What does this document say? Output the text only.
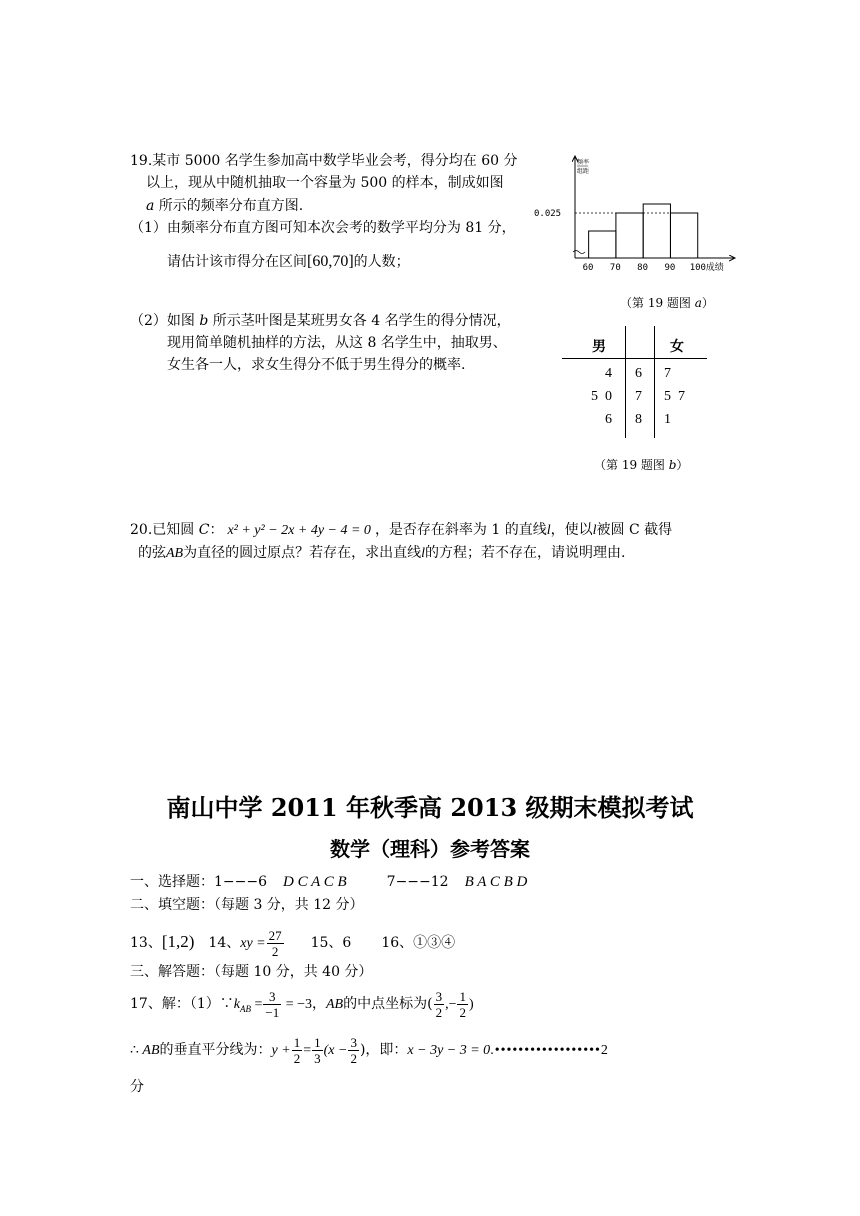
19.某市 5000 名学生参加高中数学毕业会考，得分均在 60 分
以上，现从中随机抽取一个容量为 500 的样本，制成如图
a 所示的频率分布直方图.
（1）由频率分布直方图可知本次会考的数学平均分为 81 分，
请估计该市得分在区间[60,70]的人数；
（2）如图 b 所示茎叶图是某班男女各 4 名学生的得分情况，
现用简单随机抽样的方法，从这 8 名学生中，抽取男、
女生各一人，求女生得分不低于男生得分的概率.
频率
组距
0.025
60 70 80 90 100 成绩
（第 19 题图 a）
男	女
4 6 7
5  0 7 5  7
6 8 1
（第 19 题图 b）
20.已知圆 C： x² + y² − 2x + 4y − 4 = 0 ，是否存在斜率为 1 的直线l，使以l被圆 C 截得
的弦AB为直径的圆过原点？若存在，求出直线l的方程；若不存在，请说明理由.
南山中学 2011 年秋季高 2013 级期末模拟考试
数学（理科）参考答案
一、选择题：1−−−6 D C A C B	7−−−12 B A C B D
二、填空题：（每题 3 分，共 12 分）
13、[1,2) 14、xy = $\frac{27}{2} 15$、6 16、①③④
三、解答题：（每题 10 分，共 40 分）
17、解：$(1)\because k_{AB} = \frac{3}{-1} = -3$，AB的中点坐标为( $\frac{3}{2}$ ,− $\frac{1}{2}$ )
∴ AB的垂直平分线为：$y + \frac{1}{2} = \frac{1}{3} (x - \frac{3}{2}$ )，即：x − 3y − 3 = 0.••••••••••••••••••2
分
